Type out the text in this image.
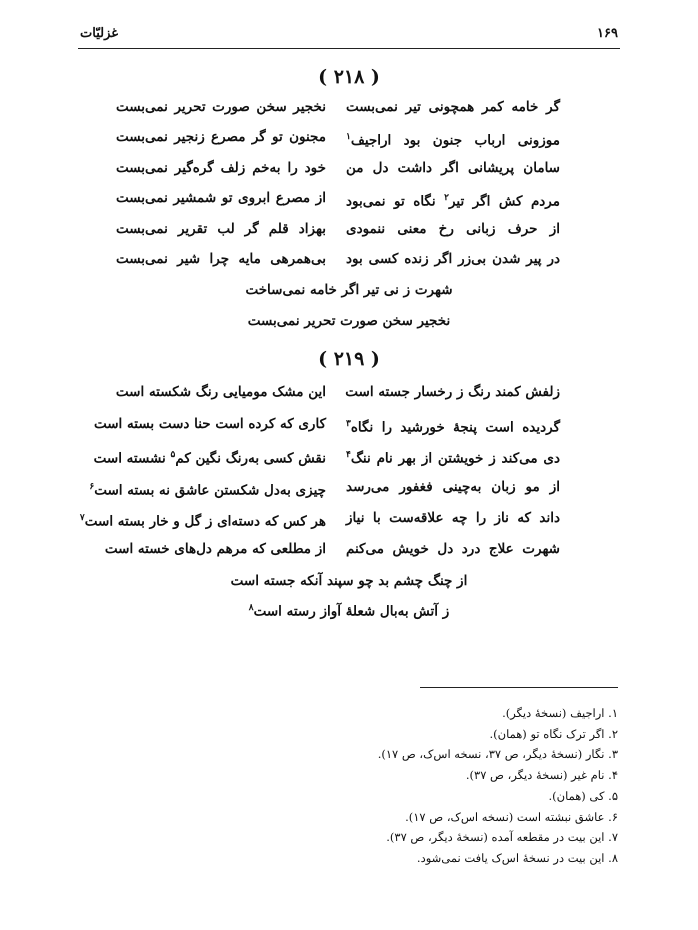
۱۶۹
غزلیّات
( ۲۱۸ )
گر خامه کمر همچونی تیر نمی‌بست
نخجیر سخن صورت تحریر نمی‌بست
موزونی ارباب جنون بود اراجیف$^۱$
مجنون تو گر مصرع زنجیر نمی‌بست
سامان پریشانی اگر داشت دل من
خود را به‌خم زلف گره‌گیر نمی‌بست
مردم کش اگر تیر$^۲$ نگاه تو نمی‌بود
از مصرع ابروی تو شمشیر نمی‌بست
از حرف زبانی رخ معنی ننمودی
بهزاد قلم گر لب تقریر نمی‌بست
در پیر شدن بی‌زر اگر زنده کسی بود
بی‌همرهی مایه چرا شیر نمی‌بست
شهرت ز نی تیر اگر خامه نمی‌ساخت
نخجیر سخن صورت تحریر نمی‌بست
( ۲۱۹ )
زلفش کمند رنگ ز رخسار جسته است
این مشک مومیایی رنگ شکسته است
گردیده است پنجهٔ خورشید را نگاه$^۳$
کاری که کرده است حنا دست بسته است
دی می‌کند ز خویشتن از بهر نام ننگ$^۴$
نقش کسی به‌رنگ نگین کم$^۵$ نشسته است
از مو زبان به‌چینی فغفور می‌رسد
چیزی به‌دل شکستن عاشق نه بسته است$^۶$
داند که ناز را چه علاقه‌ست با نیاز
هر کس که دسته‌ای ز گل و خار بسته است$^۷$
شهرت علاج درد دل خویش می‌کنم
از مطلعی که مرهم دل‌های خسته است
از چنگ چشم بد چو سپند آنکه جسته است
ز آتش به‌بال شعلهٔ آواز رسته است$^۸$
۱. اراجیف (نسخهٔ دیگر).
۲. اگر ترک نگاه تو (همان).
۳. نگار (نسخهٔ دیگر، ص ۳۷، نسخه اس‌ک، ص ۱۷).
۴. نام غیر (نسخهٔ دیگر، ص ۳۷).
۵. کی (همان).
۶. عاشق نبشته است (نسخه اس‌ک، ص ۱۷).
۷. این بیت در مقطعه آمده (نسخهٔ دیگر، ص ۳۷).
۸. این بیت در نسخهٔ اس‌ک یافت نمی‌شود.
